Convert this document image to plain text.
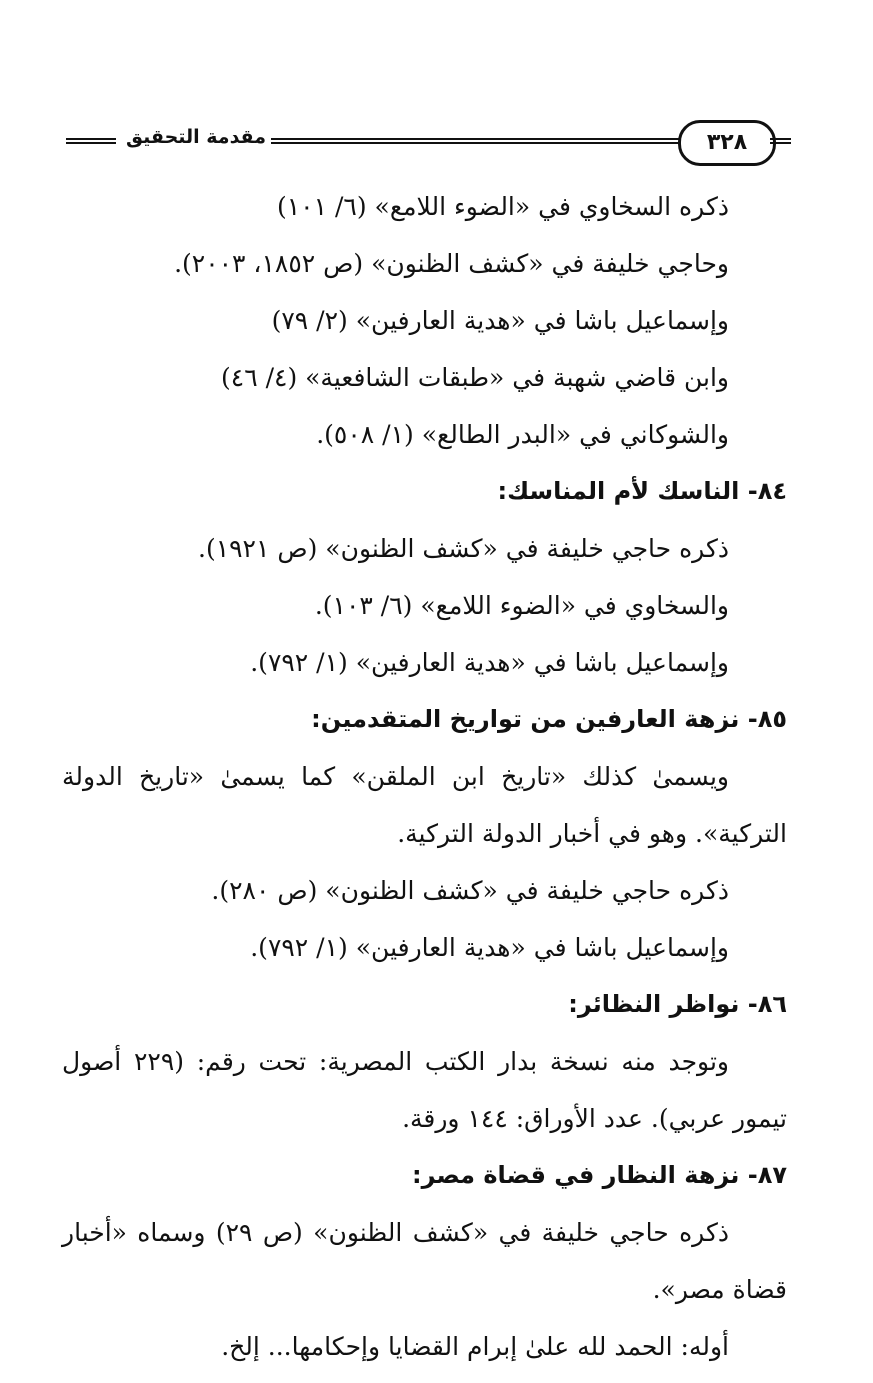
مقدمة التحقيق	٣٢٨
ذكره السخاوي في «الضوء اللامع» (٦/ ١٠١)
وحاجي خليفة في «كشف الظنون» (ص ١٨٥٢، ٢٠٠٣).
وإسماعيل باشا في «هدية العارفين» (٢/ ٧٩)
وابن قاضي شهبة في «طبقات الشافعية» (٤/ ٤٦)
والشوكاني في «البدر الطالع» (١/ ٥٠٨).
٨٤- الناسك لأم المناسك:
ذكره حاجي خليفة في «كشف الظنون» (ص ١٩٢١).
والسخاوي في «الضوء اللامع» (٦/ ١٠٣).
وإسماعيل باشا في «هدية العارفين» (١/ ٧٩٢).
٨٥- نزهة العارفين من تواريخ المتقدمين:
ويسمىٰ كذلك «تاريخ ابن الملقن» كما يسمىٰ «تاريخ الدولة
التركية». وهو في أخبار الدولة التركية.
ذكره حاجي خليفة في «كشف الظنون» (ص ٢٨٠).
وإسماعيل باشا في «هدية العارفين» (١/ ٧٩٢).
٨٦- نواظر النظائر:
وتوجد منه نسخة بدار الكتب المصرية: تحت رقم: (٢٢٩ أصول
تيمور عربي). عدد الأوراق: ١٤٤ ورقة.
٨٧- نزهة النظار في قضاة مصر:
ذكره حاجي خليفة في «كشف الظنون» (ص ٢٩) وسماه «أخبار
قضاة مصر».
أوله: الحمد لله علىٰ إبرام القضايا وإحكامها... إلخ.
